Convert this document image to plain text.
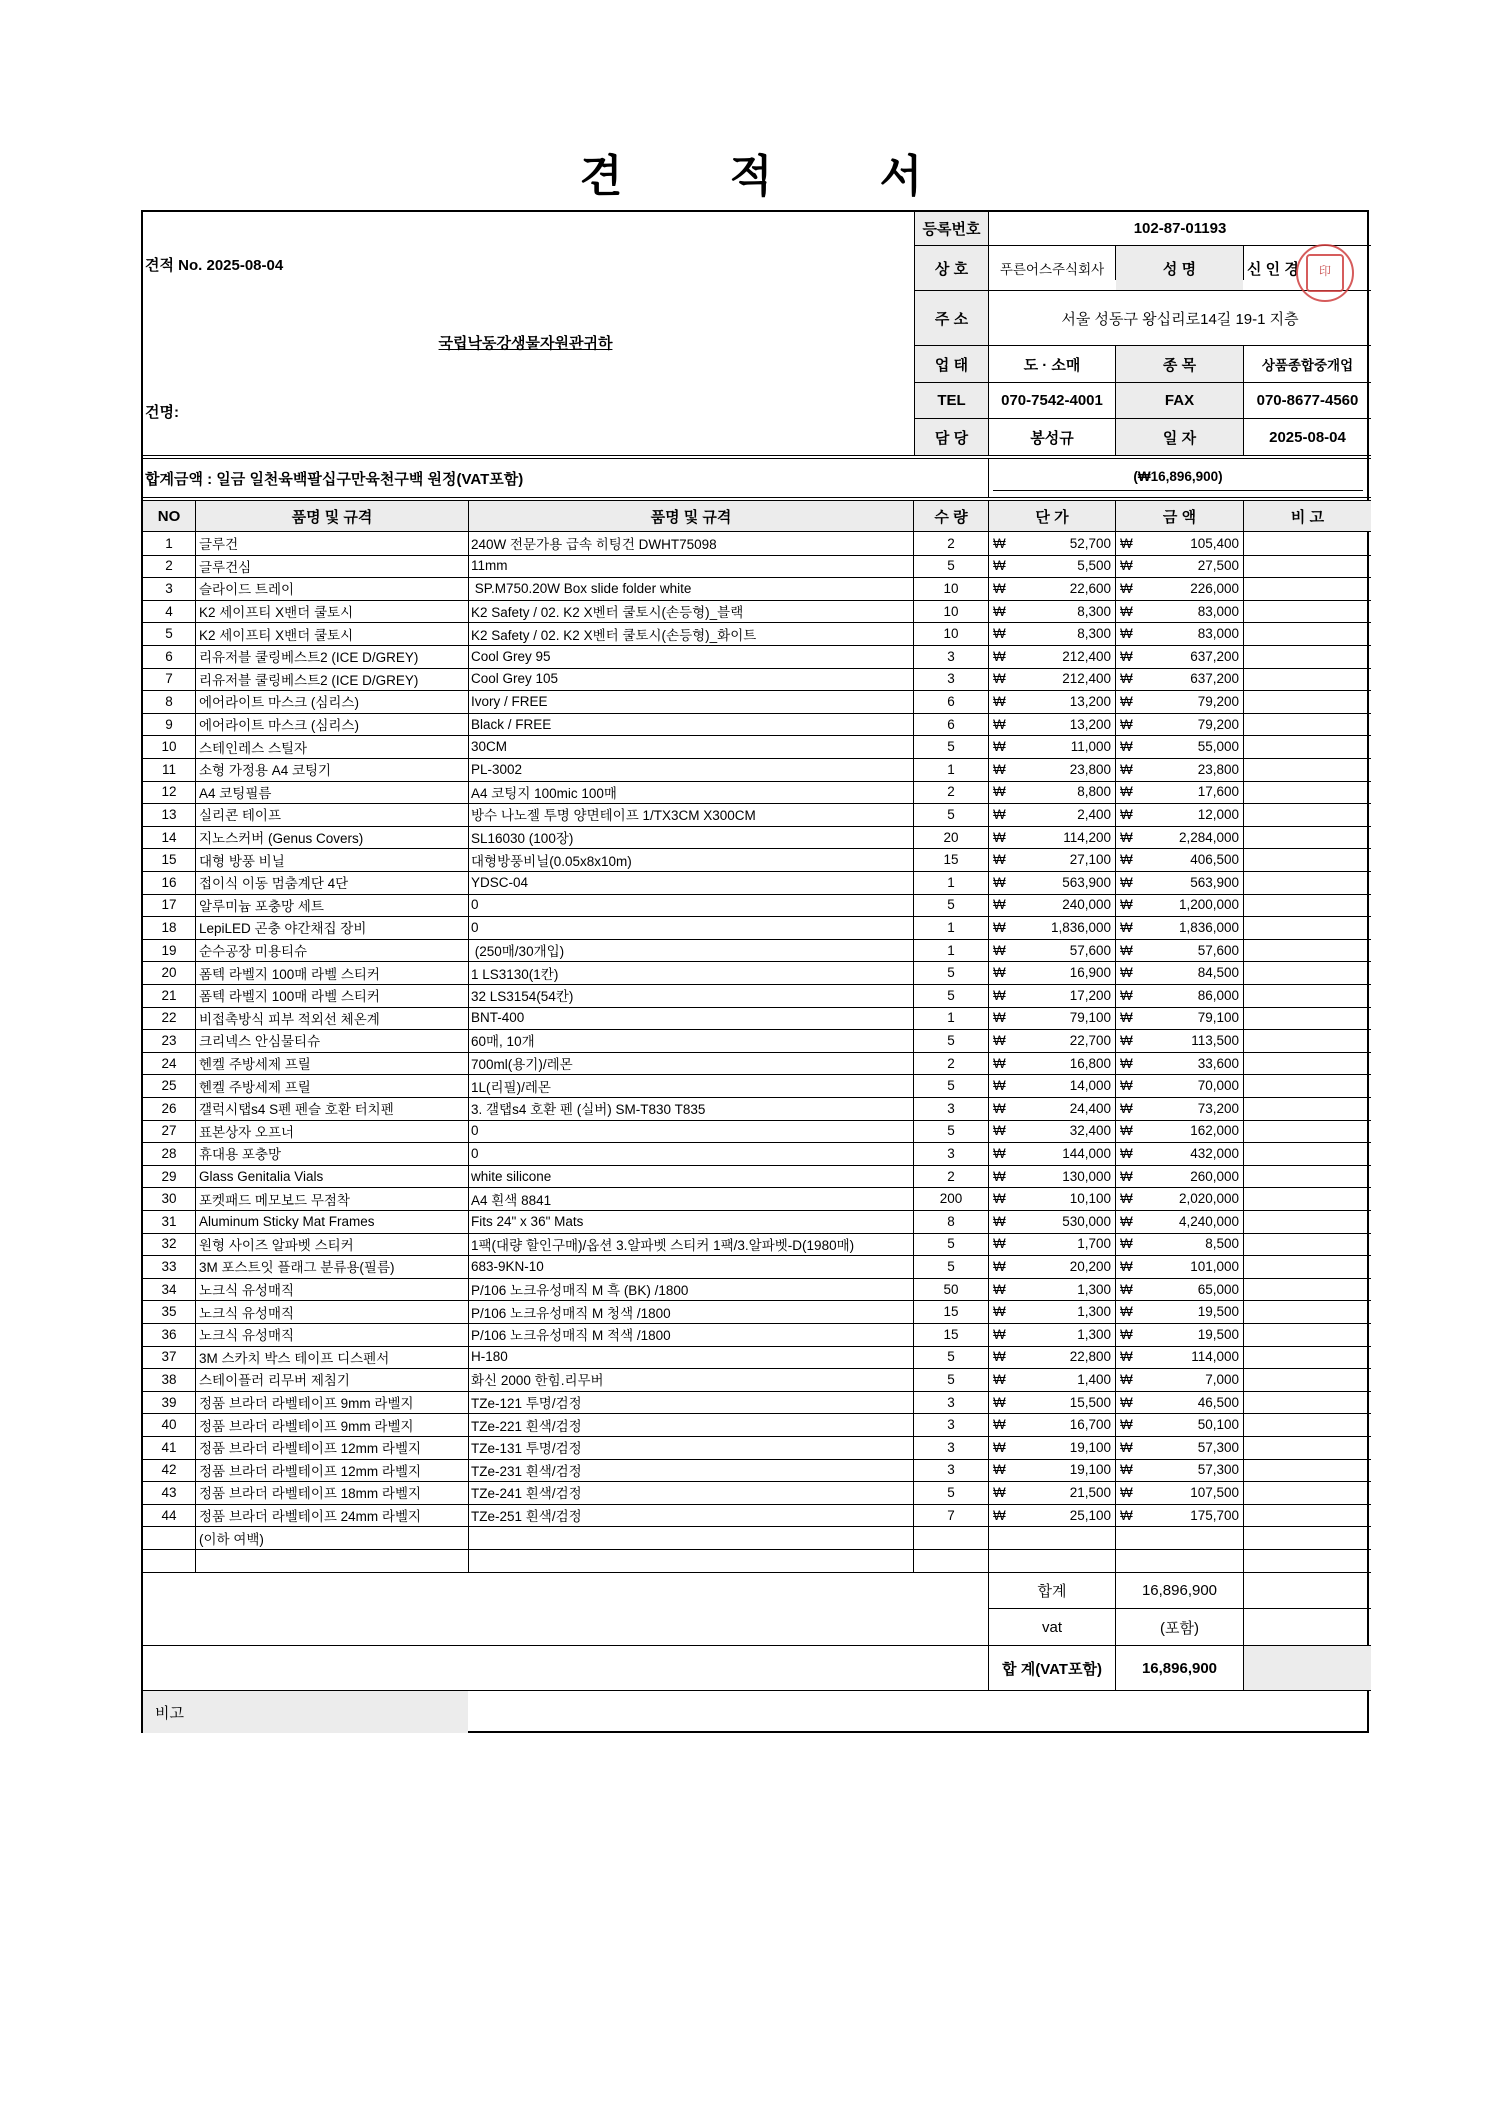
견 적 서
견적 No. 2025-08-04
국립낙동강생물자원관귀하
건명:
등록번호	102-87-01193
상 호	푸른어스주식회사	성 명	신 인 경
주 소	서울 성동구 왕십리로14길 19-1 지층
업 태	도 · 소매	종 목	상품종합중개업
TEL	070-7542-4001	FAX	070-8677-4560
담 당	봉성규	일 자	2025-08-04
합계금액 : 일금 일천육백팔십구만육천구백 원정(VAT포함)	(₩16,896,900)
NO	품명 및 규격	품명 및 규격	수 량	단 가	금 액	비 고
1	글루건	240W 전문가용 급속 히팅건 DWHT75098	2	₩	52,700 ₩	105,400
2	글루건심	11mm	5	₩	5,500 ₩	27,500
3	슬라이드 트레이	SP.M750.20W Box slide folder white	10	₩	22,600 ₩	226,000
4	K2 세이프티 X밴더 쿨토시	K2 Safety / 02. K2 X벤터 쿨토시(손등형)_블랙	10	₩	8,300 ₩	83,000
5	K2 세이프티 X밴더 쿨토시	K2 Safety / 02. K2 X벤터 쿨토시(손등형)_화이트	10	₩	8,300 ₩	83,000
6	리유저블 쿨링베스트2 (ICE D/GREY)	Cool Grey 95	3	₩	212,400 ₩	637,200
7	리유저블 쿨링베스트2 (ICE D/GREY)	Cool Grey 105	3	₩	212,400 ₩	637,200
8	에어라이트 마스크 (심리스)	Ivory / FREE	6	₩	13,200 ₩	79,200
9	에어라이트 마스크 (심리스)	Black / FREE	6	₩	13,200 ₩	79,200
10	스테인레스 스틸자	30CM	5	₩	11,000 ₩	55,000
11	소형 가정용 A4 코팅기	PL-3002	1	₩	23,800 ₩	23,800
12	A4 코팅필름	A4 코팅지 100mic 100매	2	₩	8,800 ₩	17,600
13	실리콘 테이프	방수 나노젤 투명 양면테이프 1/TX3CM X300CM	5	₩	2,400 ₩	12,000
14	지노스커버 (Genus Covers)	SL16030 (100장)	20	₩	114,200 ₩	2,284,000
15	대형 방풍 비닐	대형방풍비닐(0.05x8x10m)	15	₩	27,100 ₩	406,500
16	접이식 이동 멈춤계단 4단	YDSC-04	1	₩	563,900 ₩	563,900
17	알루미늄 포충망 세트	0	5	₩	240,000 ₩	1,200,000
18	LepiLED 곤충 야간채집 장비	0	1	₩	1,836,000 ₩	1,836,000
19	순수공장 미용티슈	(250매/30개입)	1	₩	57,600 ₩	57,600
20	폼텍 라벨지 100매 라벨 스티커	1 LS3130(1칸)	5	₩	16,900 ₩	84,500
21	폼텍 라벨지 100매 라벨 스티커	32 LS3154(54칸)	5	₩	17,200 ₩	86,000
22	비접촉방식 피부 적외선 체온계	BNT-400	1	₩	79,100 ₩	79,100
23	크리넥스 안심물티슈	60매, 10개	5	₩	22,700 ₩	113,500
24	헨켈 주방세제 프릴	700ml(용기)/레몬	2	₩	16,800 ₩	33,600
25	헨켈 주방세제 프릴	1L(리필)/레몬	5	₩	14,000 ₩	70,000
26	갤럭시탭s4 S펜 펜슬 호환 터치펜	3. 갤탭s4 호환 펜 (실버) SM-T830 T835	3	₩	24,400 ₩	73,200
27	표본상자 오프너	0	5	₩	32,400 ₩	162,000
28	휴대용 포충망	0	3	₩	144,000 ₩	432,000
29	Glass Genitalia Vials	white silicone	2	₩	130,000 ₩	260,000
30	포켓패드 메모보드 무점착	A4 흰색 8841	200	₩	10,100 ₩	2,020,000
31	Aluminum Sticky Mat Frames	Fits 24" x 36" Mats	8	₩	530,000 ₩	4,240,000
32	원형 사이즈 알파벳 스티커	1팩(대량 할인구매)/옵션 3.알파벳 스티커 1팩/3.알파벳-D(1980매)	5	₩	1,700 ₩	8,500
33	3M 포스트잇 플래그 분류용(필름)	683-9KN-10	5	₩	20,200 ₩	101,000
34	노크식 유성매직	P/106 노크유성매직 M 흑 (BK) /1800	50	₩	1,300 ₩	65,000
35	노크식 유성매직	P/106 노크유성매직 M 청색 /1800	15	₩	1,300 ₩	19,500
36	노크식 유성매직	P/106 노크유성매직 M 적색 /1800	15	₩	1,300 ₩	19,500
37	3M 스카치 박스 테이프 디스펜서	H-180	5	₩	22,800 ₩	114,000
38	스테이플러 리무버 제침기	화신 2000 한힘.리무버	5	₩	1,400 ₩	7,000
39	정품 브라더 라벨테이프 9mm 라벨지	TZe-121 투명/검정	3	₩	15,500 ₩	46,500
40	정품 브라더 라벨테이프 9mm 라벨지	TZe-221 흰색/검정	3	₩	16,700 ₩	50,100
41	정품 브라더 라벨테이프 12mm 라벨지	TZe-131 투명/검정	3	₩	19,100 ₩	57,300
42	정품 브라더 라벨테이프 12mm 라벨지	TZe-231 흰색/검정	3	₩	19,100 ₩	57,300
43	정품 브라더 라벨테이프 18mm 라벨지	TZe-241 흰색/검정	5	₩	21,500 ₩	107,500
44	정품 브라더 라벨테이프 24mm 라벨지	TZe-251 흰색/검정	7	₩	25,100 ₩	175,700
(이하 여백)
합계	16,896,900
vat	(포함)
합 계(VAT포함)	16,896,900
비고
印
